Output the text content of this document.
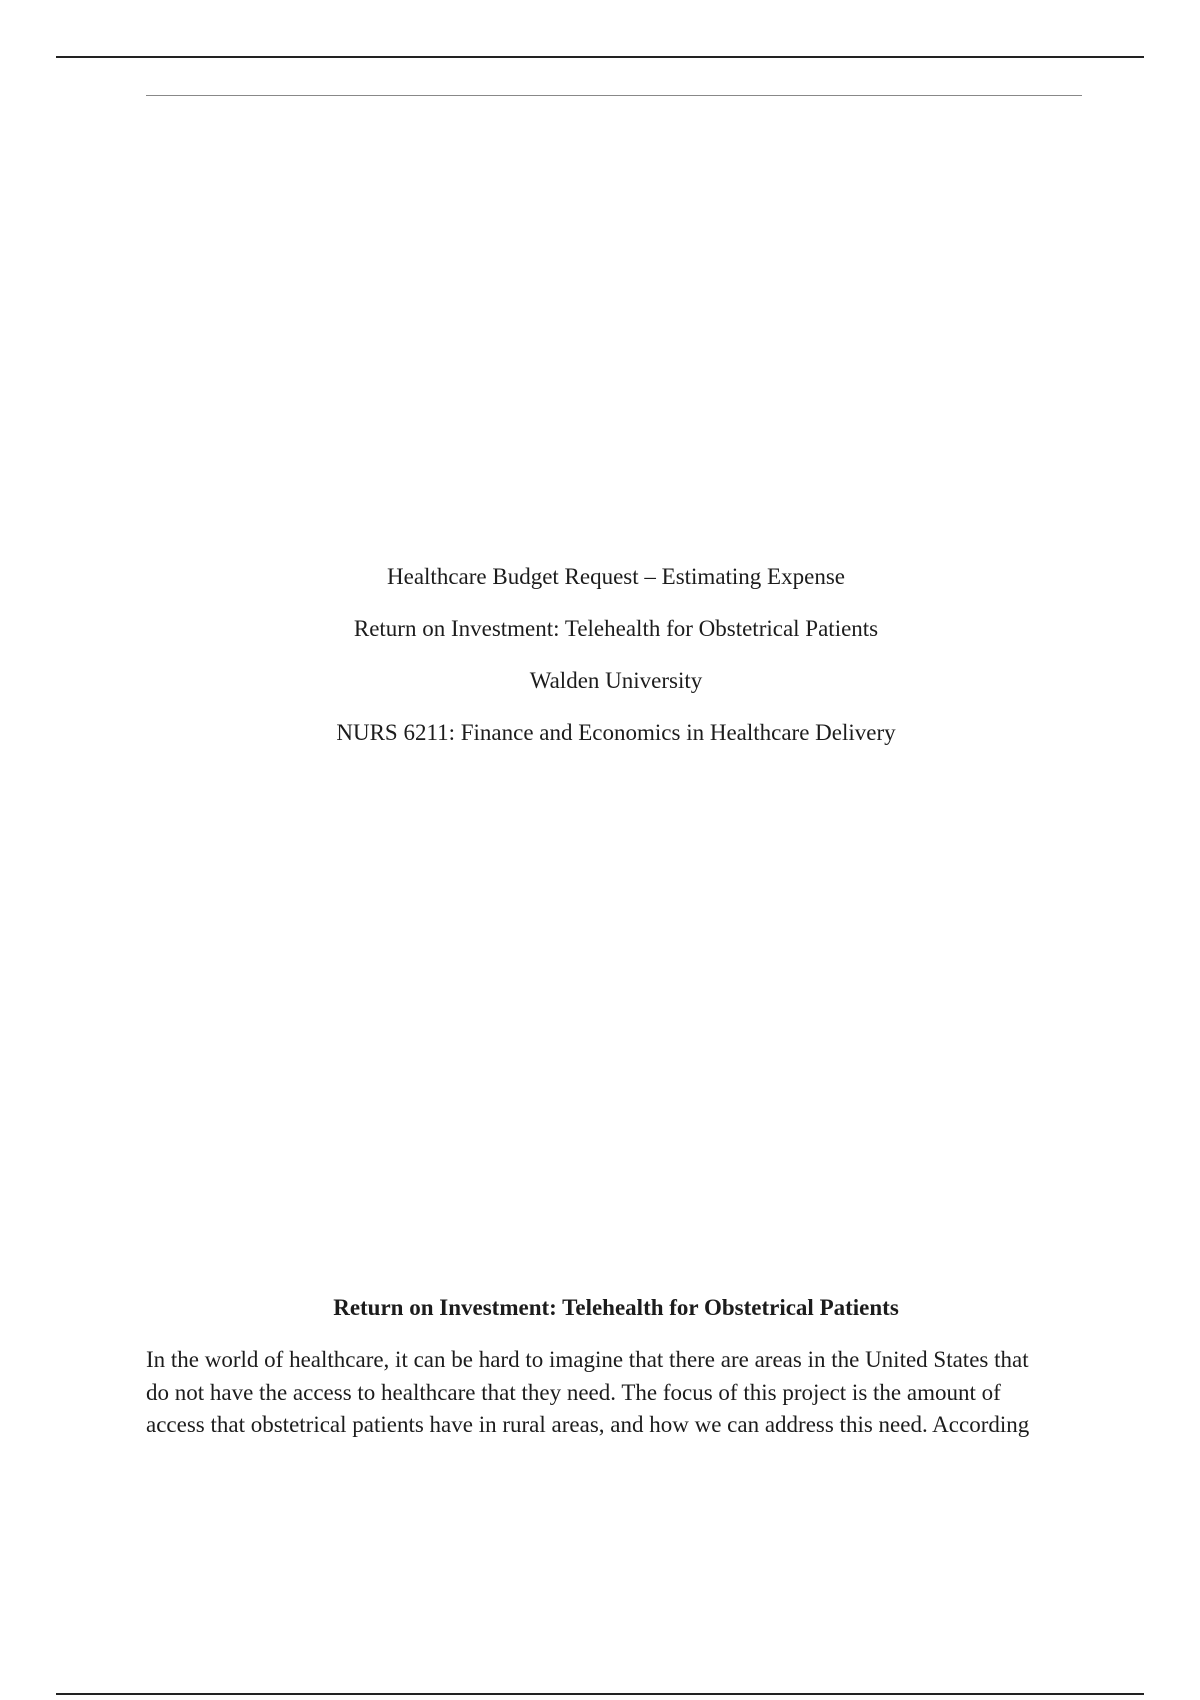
Healthcare Budget Request – Estimating Expense
Return on Investment: Telehealth for Obstetrical Patients
Walden University
NURS 6211: Finance and Economics in Healthcare Delivery
Return on Investment: Telehealth for Obstetrical Patients
In the world of healthcare, it can be hard to imagine that there are areas in the United States that
do not have the access to healthcare that they need. The focus of this project is the amount of
access that obstetrical patients have in rural areas, and how we can address this need. According
